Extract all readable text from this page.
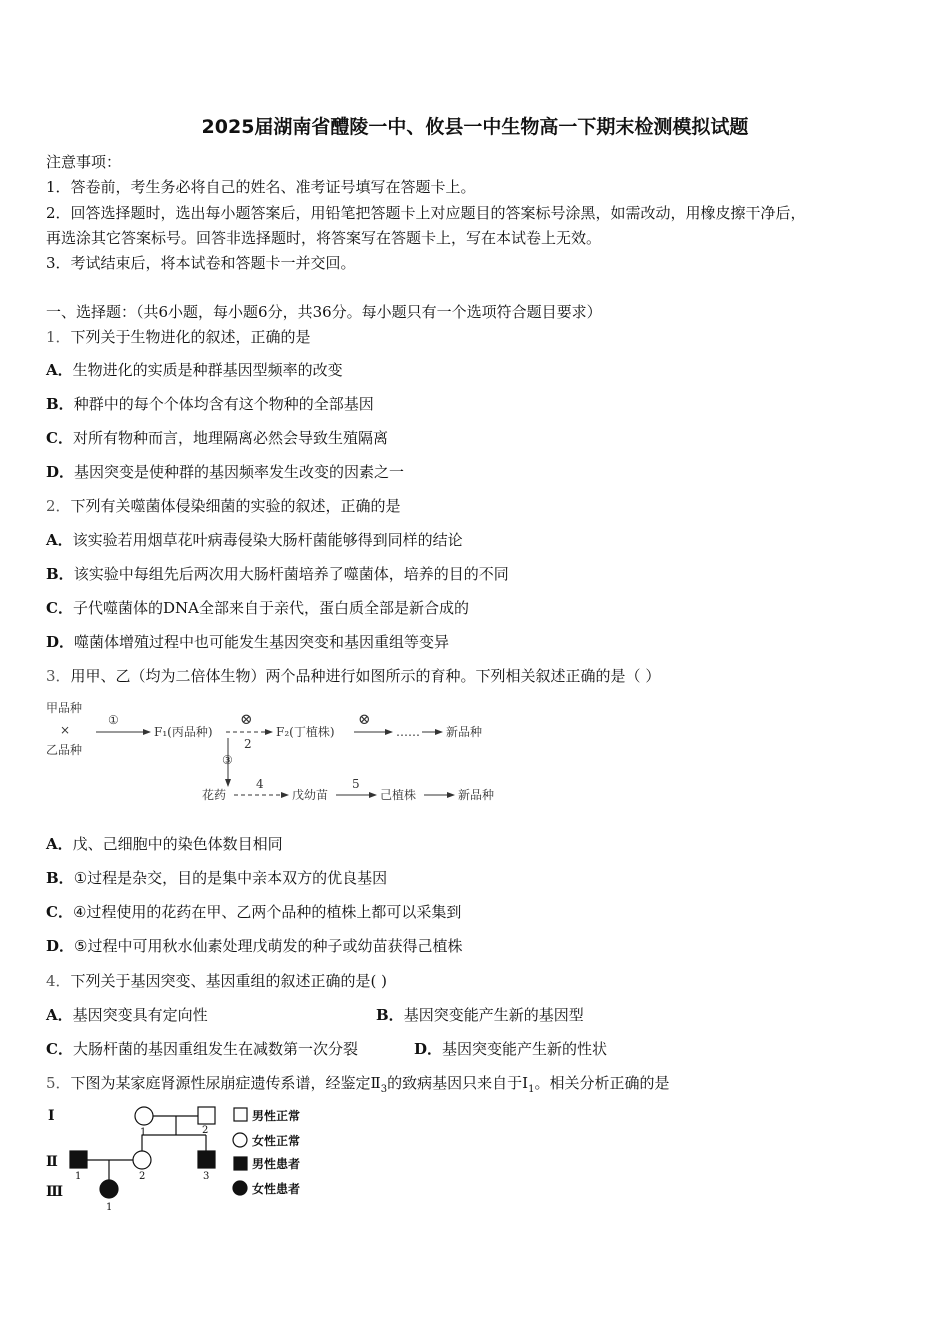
2025届湖南省醴陵一中、攸县一中生物高一下期末检测模拟试题
注意事项：
1．答卷前，考生务必将自己的姓名、准考证号填写在答题卡上。
2．回答选择题时，选出每小题答案后，用铅笔把答题卡上对应题目的答案标号涂黑，如需改动，用橡皮擦干净后，
再选涂其它答案标号。回答非选择题时，将答案写在答题卡上，写在本试卷上无效。
3．考试结束后，将本试卷和答题卡一并交回。
一、选择题：（共6小题，每小题6分，共36分。每小题只有一个选项符合题目要求）
1．下列关于生物进化的叙述，正确的是
A．生物进化的实质是种群基因型频率的改变
B．种群中的每个个体均含有这个物种的全部基因
C．对所有物种而言，地理隔离必然会导致生殖隔离
D．基因突变是使种群的基因频率发生改变的因素之一
2．下列有关噬菌体侵染细菌的实验的叙述，正确的是
A．该实验若用烟草花叶病毒侵染大肠杆菌能够得到同样的结论
B．该实验中每组先后两次用大肠杆菌培养了噬菌体，培养的目的不同
C．子代噬菌体的DNA全部来自于亲代，蛋白质全部是新合成的
D．噬菌体增殖过程中也可能发生基因突变和基因重组等变异
3．用甲、乙（均为二倍体生物）两个品种进行如图所示的育种。下列相关叙述正确的是（ ）
甲品种
×
乙品种
①
F₁(丙品种)
⊗
2
F₂(丁植株)
⊗
…… 新品种
③
花药
4
戊幼苗
5
己植株	新品种
A．戊、己细胞中的染色体数目相同
B．①过程是杂交，目的是集中亲本双方的优良基因
C．④过程使用的花药在甲、乙两个品种的植株上都可以采集到
D．⑤过程中可用秋水仙素处理戊萌发的种子或幼苗获得己植株
4．下列关于基因突变、基因重组的叙述正确的是( )
A．基因突变具有定向性	B．基因突变能产生新的基因型
C．大肠杆菌的基因重组发生在减数第一次分裂	D．基因突变能产生新的性状
5．下图为某家庭肾源性尿崩症遗传系谱，经鉴定$Ⅱ_3$的致病基因只来自于$Ⅰ_1$。相关分析正确的是
Ⅰ
Ⅱ
Ⅲ
1	2
1	2	3
1
男性正常
女性正常
男性患者
女性患者
